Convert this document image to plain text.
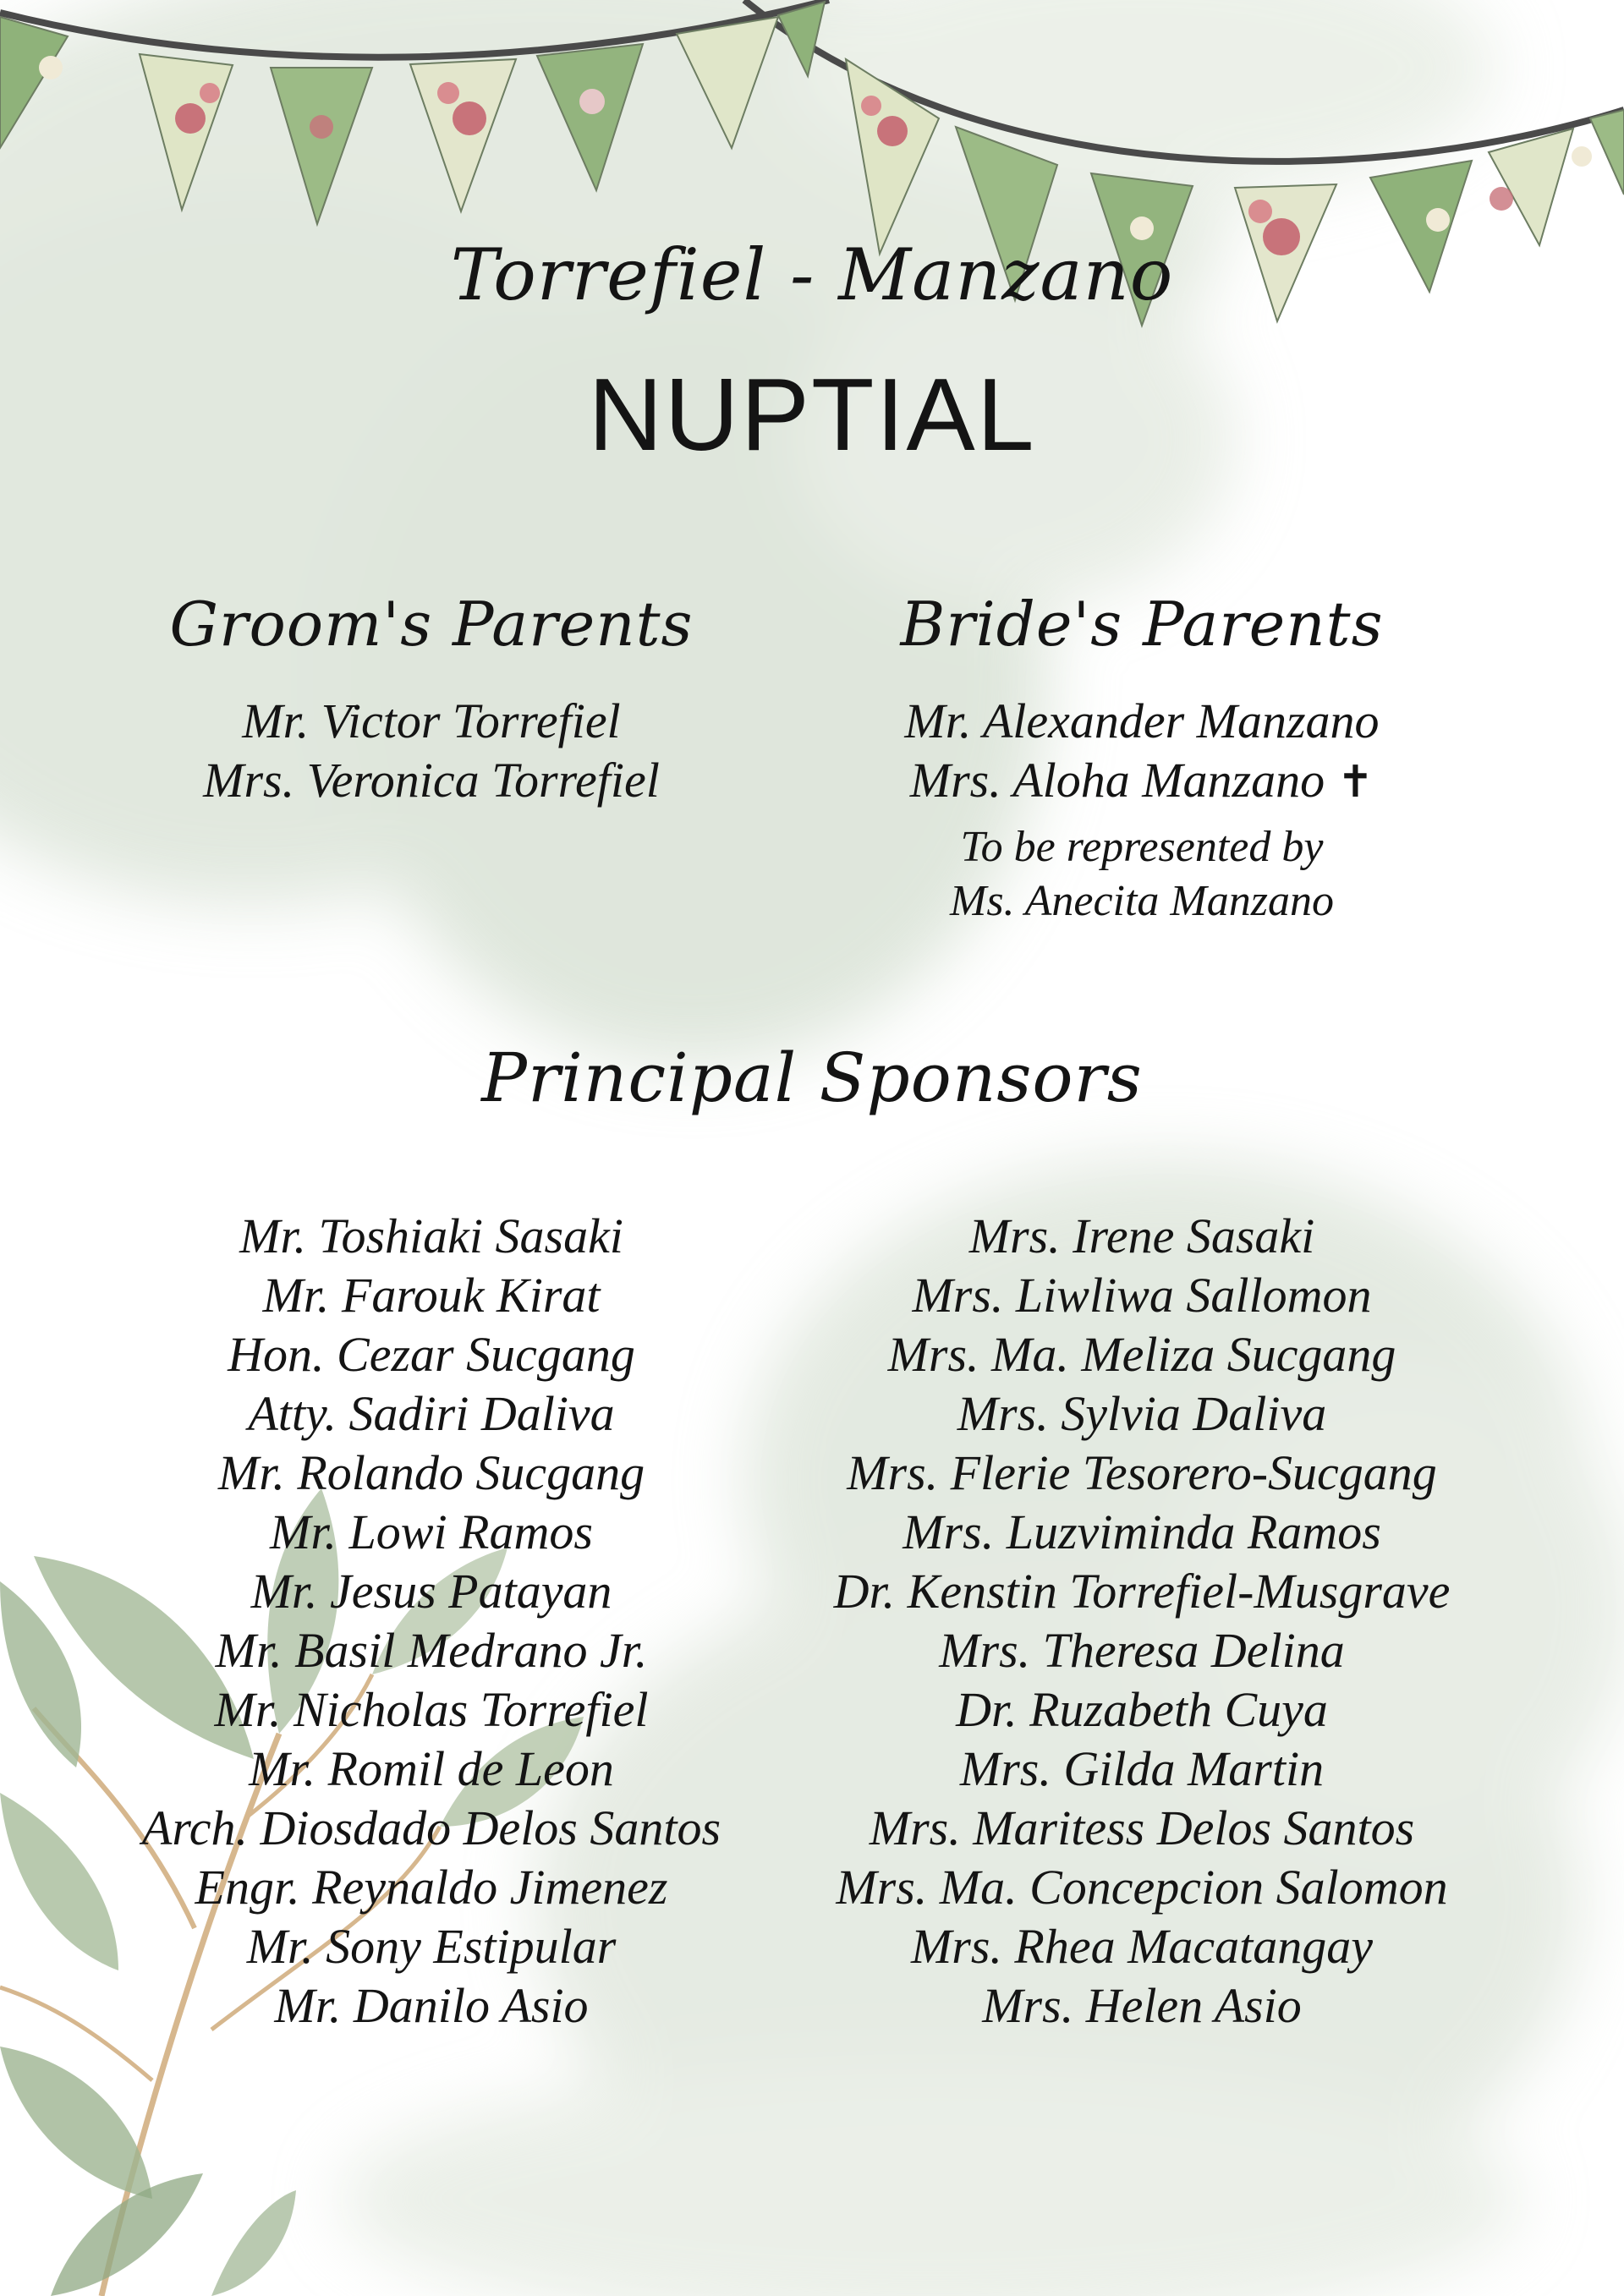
Torrefiel - Manzano
NUPTIAL
Groom's Parents
Mr. Victor Torrefiel
Mrs. Veronica Torrefiel
Bride's Parents
Mr. Alexander Manzano
Mrs. Aloha Manzano ✝
To be represented by
Ms. Anecita Manzano
Principal Sponsors
Mr. Toshiaki Sasaki
Mr. Farouk Kirat
Hon. Cezar Sucgang
Atty. Sadiri Daliva
Mr. Rolando Sucgang
Mr. Lowi Ramos
Mr. Jesus Patayan
Mr. Basil Medrano Jr.
Mr. Nicholas Torrefiel
Mr. Romil de Leon
Arch. Diosdado Delos Santos
Engr. Reynaldo Jimenez
Mr. Sony Estipular
Mr. Danilo Asio
Mrs. Irene Sasaki
Mrs. Liwliwa Sallomon
Mrs. Ma. Meliza Sucgang
Mrs. Sylvia Daliva
Mrs. Flerie Tesorero-Sucgang
Mrs. Luzviminda Ramos
Dr. Kenstin Torrefiel-Musgrave
Mrs. Theresa Delina
Dr. Ruzabeth Cuya
Mrs. Gilda Martin
Mrs. Maritess Delos Santos
Mrs. Ma. Concepcion Salomon
Mrs. Rhea Macatangay
Mrs. Helen Asio
